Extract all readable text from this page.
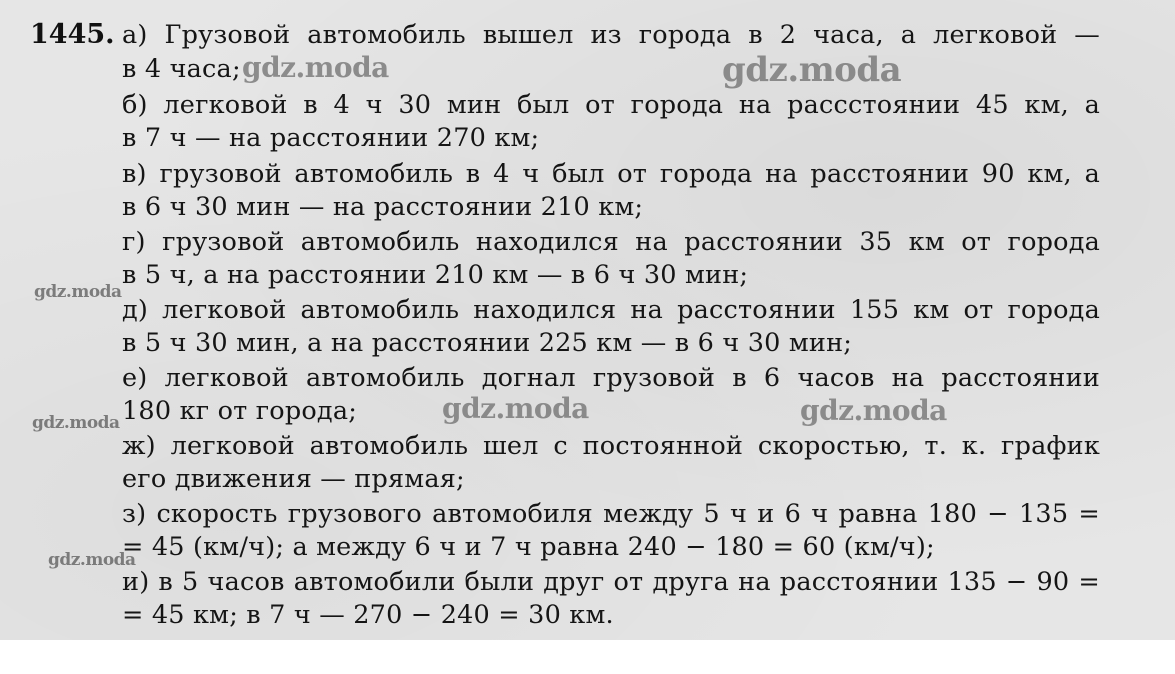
1445. а) Грузовой автомобиль вышел из города в 2 часа, а легковой —
в 4 часа;
б) легковой в 4 ч 30 мин был от города на рассстоянии 45 км, а
в 7 ч — на расстоянии 270 км;
в) грузовой автомобиль в 4 ч был от города на расстоянии 90 км, а
в 6 ч 30 мин — на расстоянии 210 км;
г) грузовой автомобиль находился на расстоянии 35 км от города
в 5 ч, а на расстоянии 210 км — в 6 ч 30 мин;
д) легковой автомобиль находился на расстоянии 155 км от города
в 5 ч 30 мин, а на расстоянии 225 км — в 6 ч 30 мин;
е) легковой автомобиль догнал грузовой в 6 часов на расстоянии
180 кг от города;
ж) легковой автомобиль шел с постоянной скоростью, т. к. график
его движения — прямая;
з) скорость грузового автомобиля между 5 ч и 6 ч равна 180 − 135 =
= 45 (км/ч); а между 6 ч и 7 ч равна 240 − 180 = 60 (км/ч);
и) в 5 часов автомобили были друг от друга на расстоянии 135 − 90 =
= 45 км; в 7 ч — 270 − 240 = 30 км.
gdz.moda	gdz.moda
gdz.moda
gdz.moda	gdz.moda
gdz.moda
gdz.moda
